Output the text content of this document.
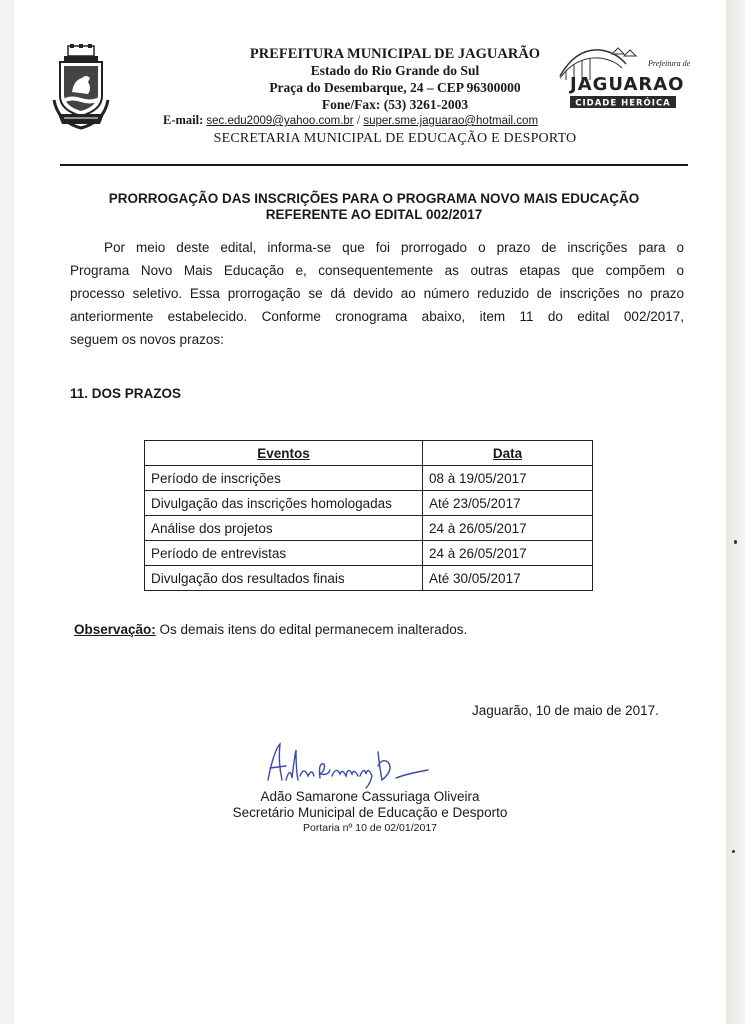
PREFEITURA MUNICIPAL DE JAGUARÃO
Estado do Rio Grande do Sul
Praça do Desembarque, 24 – CEP 96300000
Fone/Fax: (53) 3261-2003
E-mail: sec.edu2009@yahoo.com.br / super.sme.jaguarao@hotmail.com
SECRETARIA MUNICIPAL DE EDUCAÇÃO E DESPORTO
Prefeitura de
JAGUARAO
CIDADE HERÓICA
PRORROGAÇÃO DAS INSCRIÇÕES PARA O PROGRAMA NOVO MAIS EDUCAÇÃO
REFERENTE AO EDITAL 002/2017
Por meio deste edital, informa-se que foi prorrogado o prazo de inscrições para o
Programa Novo Mais Educação e, consequentemente as outras etapas que compõem o
processo seletivo. Essa prorrogação se dá devido ao número reduzido de inscrições no prazo
anteriormente estabelecido. Conforme cronograma abaixo, item 11 do edital 002/2017,
seguem os novos prazos:
11. DOS PRAZOS
Eventos	Data
Período de inscrições	08 à 19/05/2017
Divulgação das inscrições homologadas	Até 23/05/2017
Análise dos projetos	24 à 26/05/2017
Período de entrevistas	24 à 26/05/2017
Divulgação dos resultados finais	Até 30/05/2017
Observação: Os demais itens do edital permanecem inalterados.
Jaguarão, 10 de maio de 2017.
Adão Samarone Cassuriaga Oliveira
Secretário Municipal de Educação e Desporto
Portaria nº 10 de 02/01/2017
